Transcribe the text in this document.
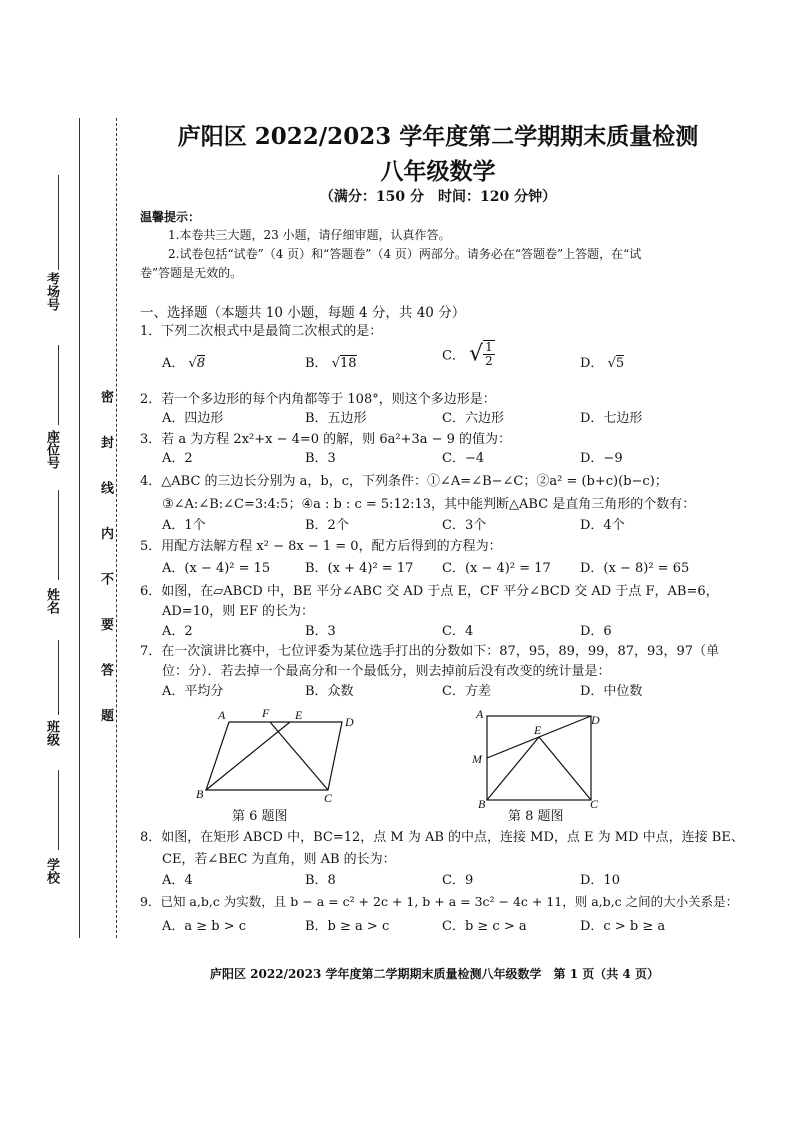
考场号
座位号
姓名
班级
学校
密 封 线 内 不 要 答 题
庐阳区 2022/2023 学年度第二学期期末质量检测
八年级数学
（满分：150 分　时间：120 分钟）
温馨提示：
1.本卷共三大题，23 小题，请仔细审题，认真作答。
2.试卷包括“试卷”（4 页）和“答题卷”（4 页）两部分。请务必在“答题卷”上答题，在“试
卷”答题是无效的。
一、选择题（本题共 10 小题，每题 4 分，共 40 分）
1．下列二次根式中是最简二次根式的是：
A． √8	B． √18	C． √ $\frac{1}{2}$	D． √5
2．若一个多边形的每个内角都等于 108°，则这个多边形是：
A．四边形	B．五边形	C．六边形	D．七边形
3．若 a 为方程 2x²+x − 4=0 的解，则 6a²+3a − 9 的值为：
A．2	B．3	C．−4	D．−9
4．△ABC 的三边长分别为 a，b，c，下列条件：①∠A=∠B−∠C；②a² = (b+c)(b−c)；
③∠A:∠B:∠C=3:4:5；④a : b : c = 5:12:13，其中能判断△ABC 是直角三角形的个数有：
A．1个	B．2个	C．3个	D．4个
5．用配方法解方程 x² − 8x − 1 = 0，配方后得到的方程为：
A．(x − 4)² = 15	B．(x + 4)² = 17 C．(x − 4)² = 17 D．(x − 8)² = 65
6．如图，在▱ABCD 中，BE 平分∠ABC 交 AD 于点 E，CF 平分∠BCD 交 AD 于点 F，AB=6，
AD=10，则 EF 的长为：
A．2	B．3	C．4	D．6
7．在一次演讲比赛中，七位评委为某位选手打出的分数如下：87，95，89，99，87，93，97（单
位：分）．若去掉一个最高分和一个最低分，则去掉前后没有改变的统计量是：
A．平均分	B．众数	C．方差	D．中位数
A	F E	D
B	C
第 6 题图
A	D
E
M
B	C
第 8 题图
8．如图，在矩形 ABCD 中，BC=12，点 M 为 AB 的中点，连接 MD，点 E 为 MD 中点，连接 BE、
CE，若∠BEC 为直角，则 AB 的长为：
A．4	B．8	C．9	D．10
9．已知 a,b,c 为实数，且 b − a = c² + 2c + 1, b + a = 3c² − 4c + 11，则 a,b,c 之间的大小关系是：
A．a ≥ b > c	B．b ≥ a > c	C．b ≥ c > a	D．c > b ≥ a
庐阳区 2022/2023 学年度第二学期期末质量检测八年级数学　第 1 页（共 4 页）
